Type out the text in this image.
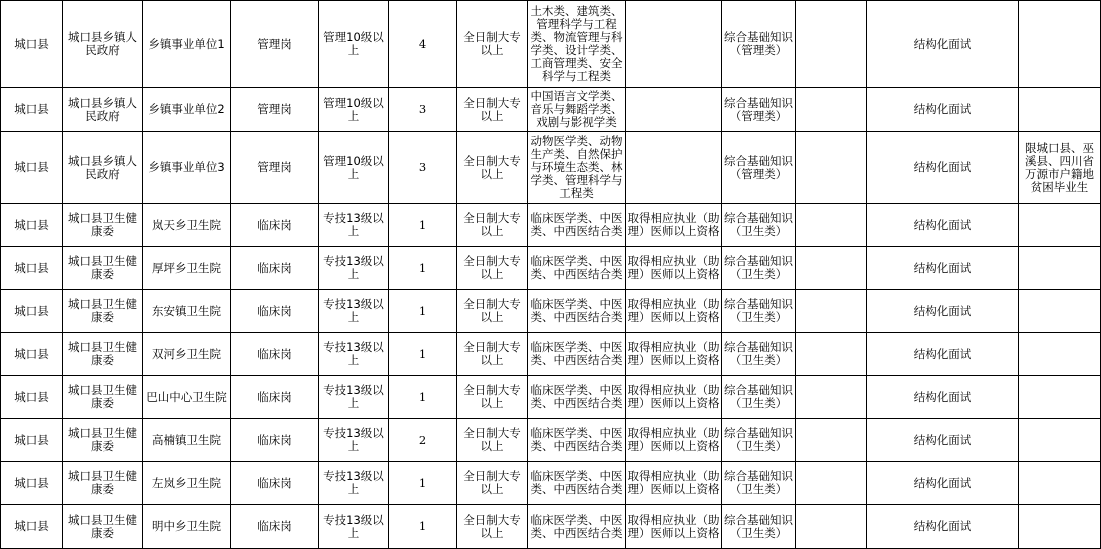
城口县	城口县乡镇人民政府	乡镇事业单位1	管理岗	管理10级以上	4	全日制大专以上	土木类、建筑类、管理科学与工程类、物流管理与科学类、设计学类、工商管理类、安全科学与工程类		综合基础知识（管理类）		结构化面试	
城口县	城口县乡镇人民政府	乡镇事业单位2	管理岗	管理10级以上	3	全日制大专以上	中国语言文学类、音乐与舞蹈学类、戏剧与影视学类		综合基础知识（管理类）		结构化面试	
城口县	城口县乡镇人民政府	乡镇事业单位3	管理岗	管理10级以上	3	全日制大专以上	动物医学类、动物生产类、自然保护与环境生态类、林学类、管理科学与工程类		综合基础知识（管理类）		结构化面试	限城口县、巫溪县、四川省万源市户籍地贫困毕业生
城口县	城口县卫生健康委	岚天乡卫生院	临床岗	专技13级以上	1	全日制大专以上	临床医学类、中医类、中西医结合类	取得相应执业（助理）医师以上资格	综合基础知识（卫生类）		结构化面试	
城口县	城口县卫生健康委	厚坪乡卫生院	临床岗	专技13级以上	1	全日制大专以上	临床医学类、中医类、中西医结合类	取得相应执业（助理）医师以上资格	综合基础知识（卫生类）		结构化面试	
城口县	城口县卫生健康委	东安镇卫生院	临床岗	专技13级以上	1	全日制大专以上	临床医学类、中医类、中西医结合类	取得相应执业（助理）医师以上资格	综合基础知识（卫生类）		结构化面试	
城口县	城口县卫生健康委	双河乡卫生院	临床岗	专技13级以上	1	全日制大专以上	临床医学类、中医类、中西医结合类	取得相应执业（助理）医师以上资格	综合基础知识（卫生类）		结构化面试	
城口县	城口县卫生健康委	巴山中心卫生院	临床岗	专技13级以上	1	全日制大专以上	临床医学类、中医类、中西医结合类	取得相应执业（助理）医师以上资格	综合基础知识（卫生类）		结构化面试	
城口县	城口县卫生健康委	高楠镇卫生院	临床岗	专技13级以上	2	全日制大专以上	临床医学类、中医类、中西医结合类	取得相应执业（助理）医师以上资格	综合基础知识（卫生类）		结构化面试	
城口县	城口县卫生健康委	左岚乡卫生院	临床岗	专技13级以上	1	全日制大专以上	临床医学类、中医类、中西医结合类	取得相应执业（助理）医师以上资格	综合基础知识（卫生类）		结构化面试	
城口县	城口县卫生健康委	明中乡卫生院	临床岗	专技13级以上	1	全日制大专以上	临床医学类、中医类、中西医结合类	取得相应执业（助理）医师以上资格	综合基础知识（卫生类）		结构化面试	
